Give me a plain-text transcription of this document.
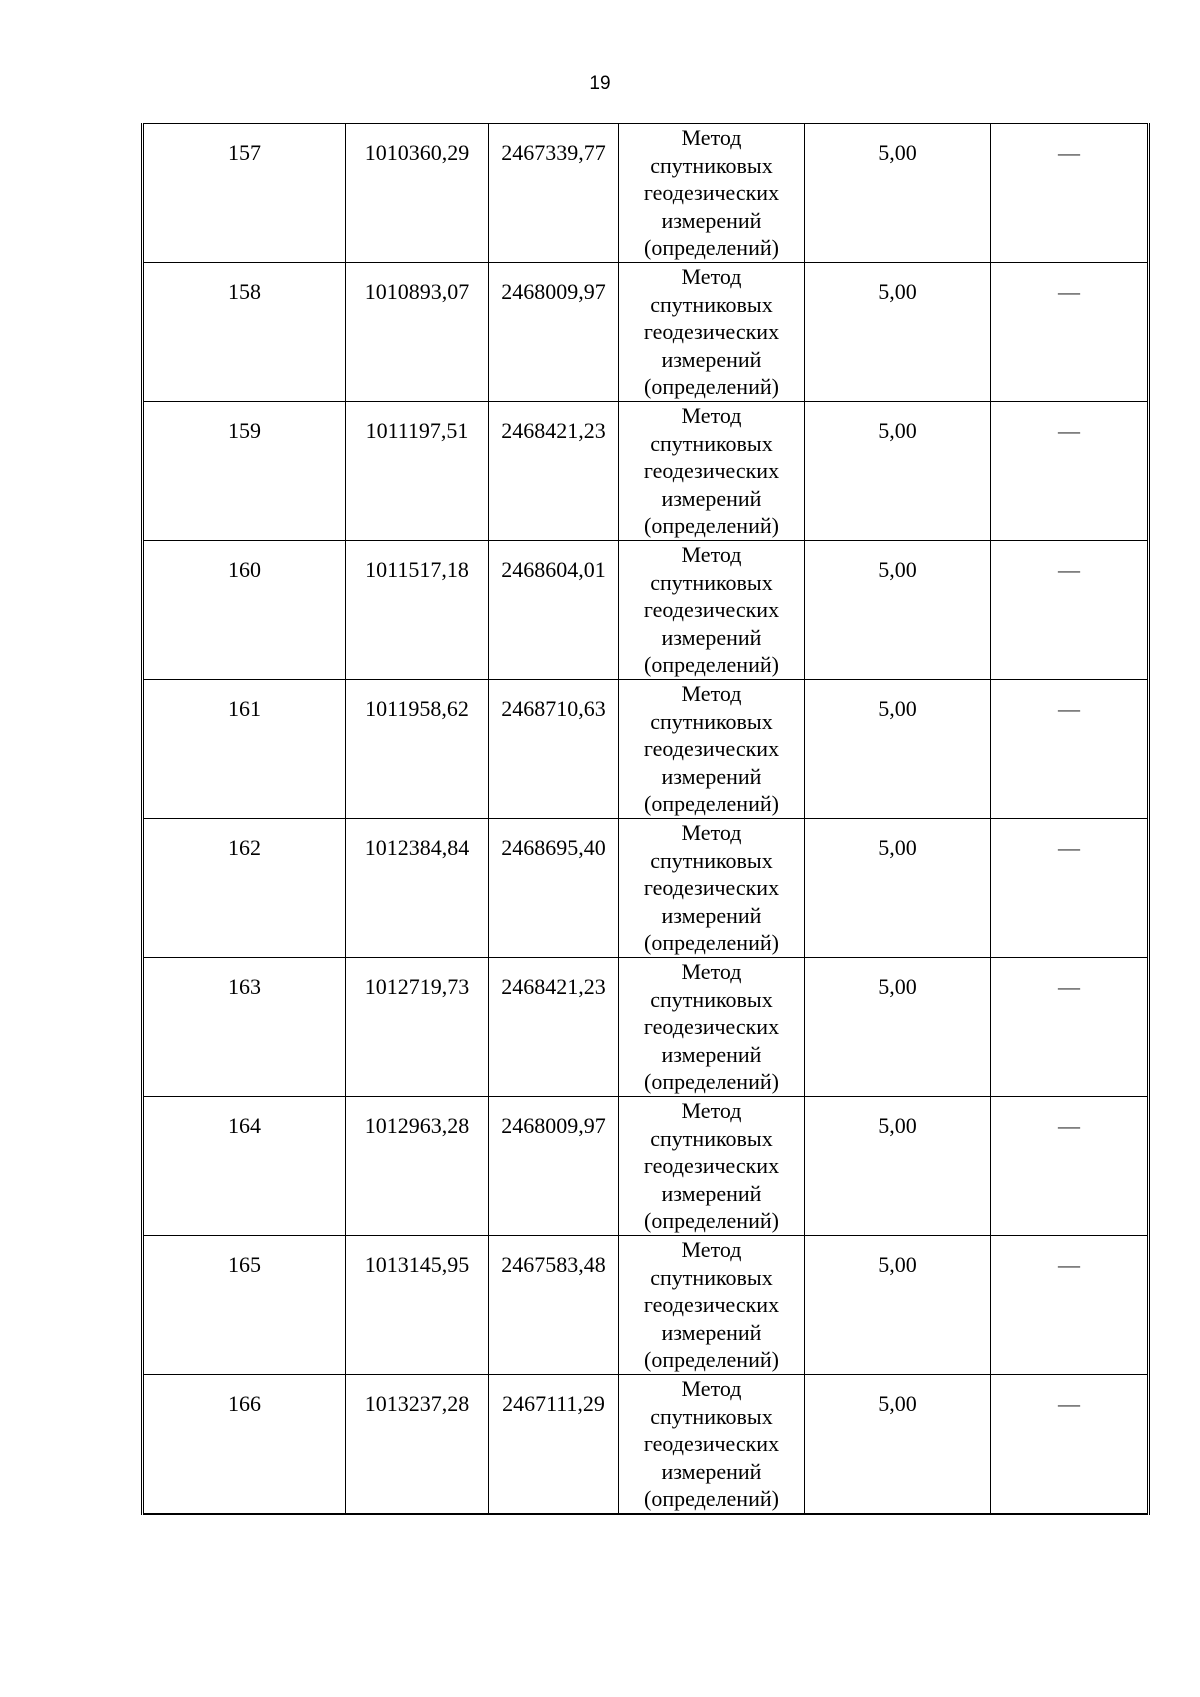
19
157	1010360,29	2467339,77	Метод
спутниковых
геодезических
измерений
(определений)	5,00	—
158	1010893,07	2468009,97	Метод
спутниковых
геодезических
измерений
(определений)	5,00	—
159	1011197,51	2468421,23	Метод
спутниковых
геодезических
измерений
(определений)	5,00	—
160	1011517,18	2468604,01	Метод
спутниковых
геодезических
измерений
(определений)	5,00	—
161	1011958,62	2468710,63	Метод
спутниковых
геодезических
измерений
(определений)	5,00	—
162	1012384,84	2468695,40	Метод
спутниковых
геодезических
измерений
(определений)	5,00	—
163	1012719,73	2468421,23	Метод
спутниковых
геодезических
измерений
(определений)	5,00	—
164	1012963,28	2468009,97	Метод
спутниковых
геодезических
измерений
(определений)	5,00	—
165	1013145,95	2467583,48	Метод
спутниковых
геодезических
измерений
(определений)	5,00	—
166	1013237,28	2467111,29	Метод
спутниковых
геодезических
измерений
(определений)	5,00	—
